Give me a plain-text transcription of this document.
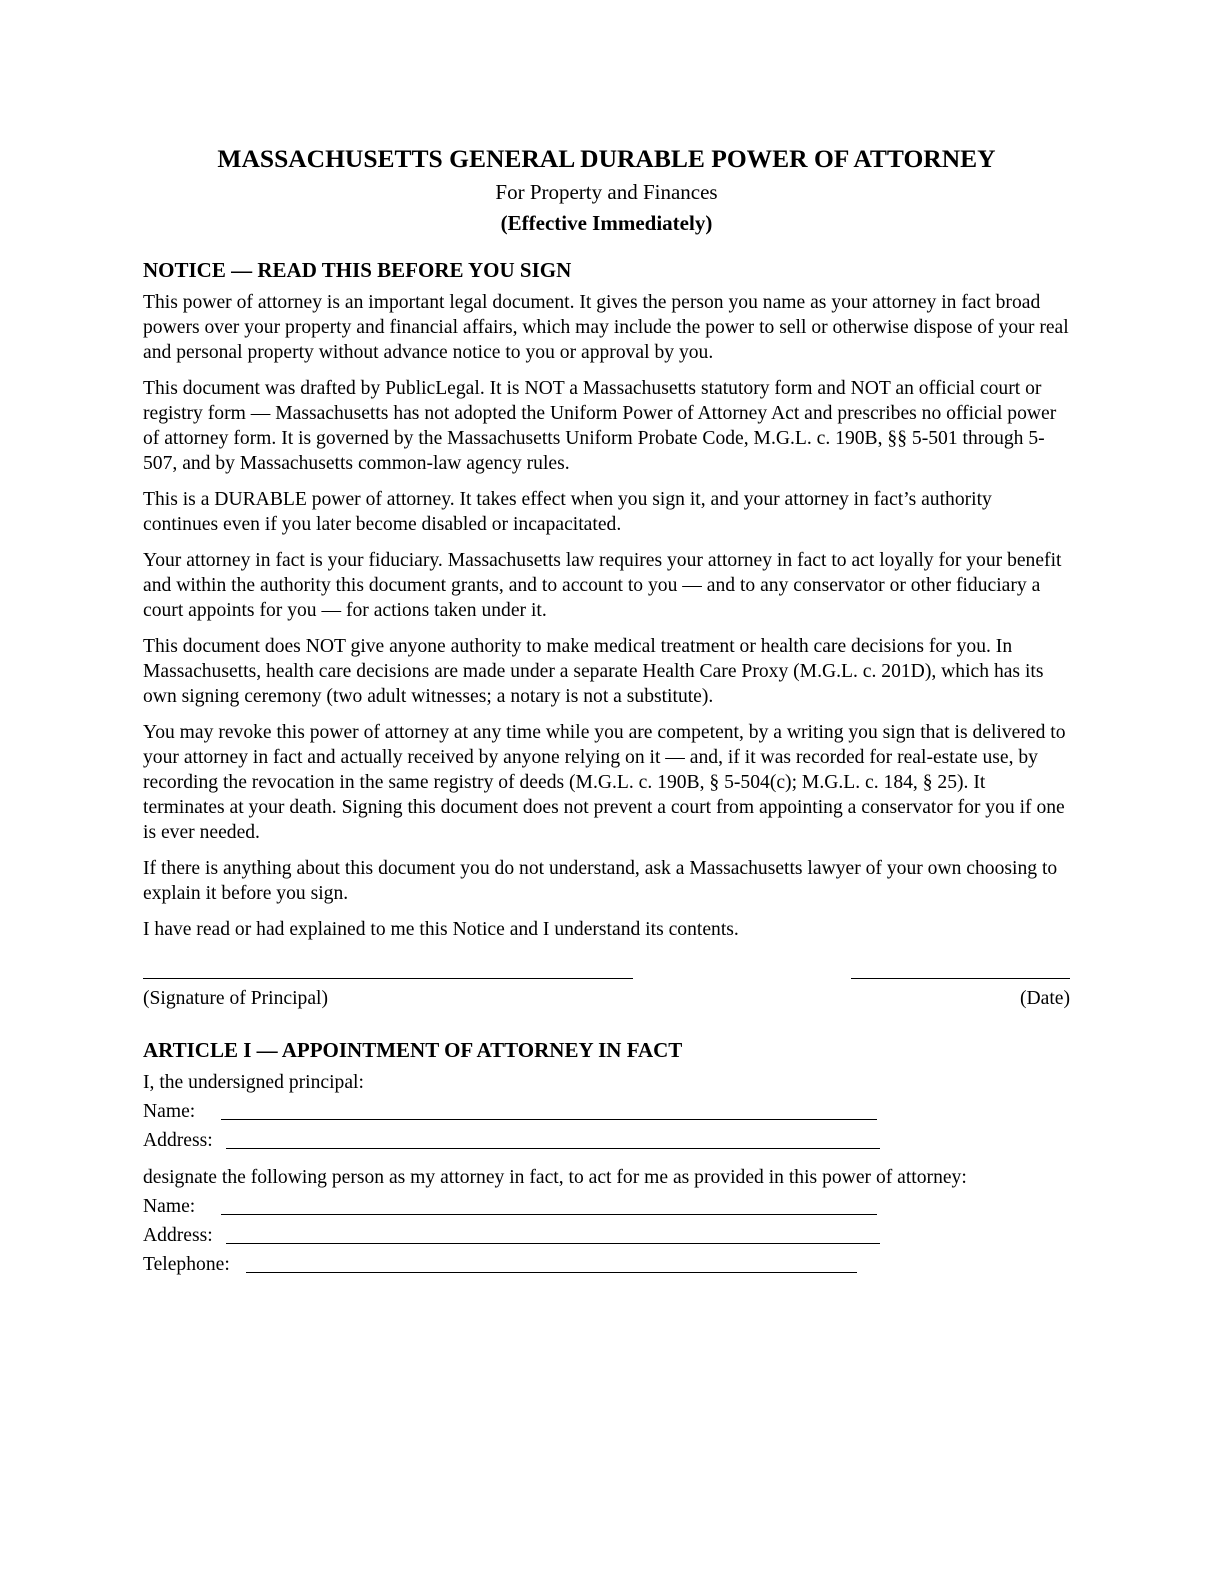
MASSACHUSETTS GENERAL DURABLE POWER OF ATTORNEY
For Property and Finances
(Effective Immediately)
NOTICE — READ THIS BEFORE YOU SIGN

This power of attorney is an important legal document. It gives the person you name as your attorney in fact broad powers over your property and financial affairs, which may include the power to sell or otherwise dispose of your real and personal property without advance notice to you or approval by you.

This document was drafted by PublicLegal. It is NOT a Massachusetts statutory form and NOT an official court or registry form — Massachusetts has not adopted the Uniform Power of Attorney Act and prescribes no official power of attorney form. It is governed by the Massachusetts Uniform Probate Code, M.G.L. c. 190B, §§ 5-501 through 5-507, and by Massachusetts common-law agency rules.

This is a DURABLE power of attorney. It takes effect when you sign it, and your attorney in fact’s authority continues even if you later become disabled or incapacitated.

Your attorney in fact is your fiduciary. Massachusetts law requires your attorney in fact to act loyally for your benefit and within the authority this document grants, and to account to you — and to any conservator or other fiduciary a court appoints for you — for actions taken under it.

This document does NOT give anyone authority to make medical treatment or health care decisions for you. In Massachusetts, health care decisions are made under a separate Health Care Proxy (M.G.L. c. 201D), which has its own signing ceremony (two adult witnesses; a notary is not a substitute).

You may revoke this power of attorney at any time while you are competent, by a writing you sign that is delivered to your attorney in fact and actually received by anyone relying on it — and, if it was recorded for real-estate use, by recording the revocation in the same registry of deeds (M.G.L. c. 190B, § 5-504(c); M.G.L. c. 184, § 25). It terminates at your death. Signing this document does not prevent a court from appointing a conservator for you if one is ever needed.

If there is anything about this document you do not understand, ask a Massachusetts lawyer of your own choosing to explain it before you sign.

I have read or had explained to me this Notice and I understand its contents.

(Signature of Principal)	(Date)
ARTICLE I — APPOINTMENT OF ATTORNEY IN FACT
I, the undersigned principal:
Name:
Address:
designate the following person as my attorney in fact, to act for me as provided in this power of attorney:
Name:
Address:
Telephone:
